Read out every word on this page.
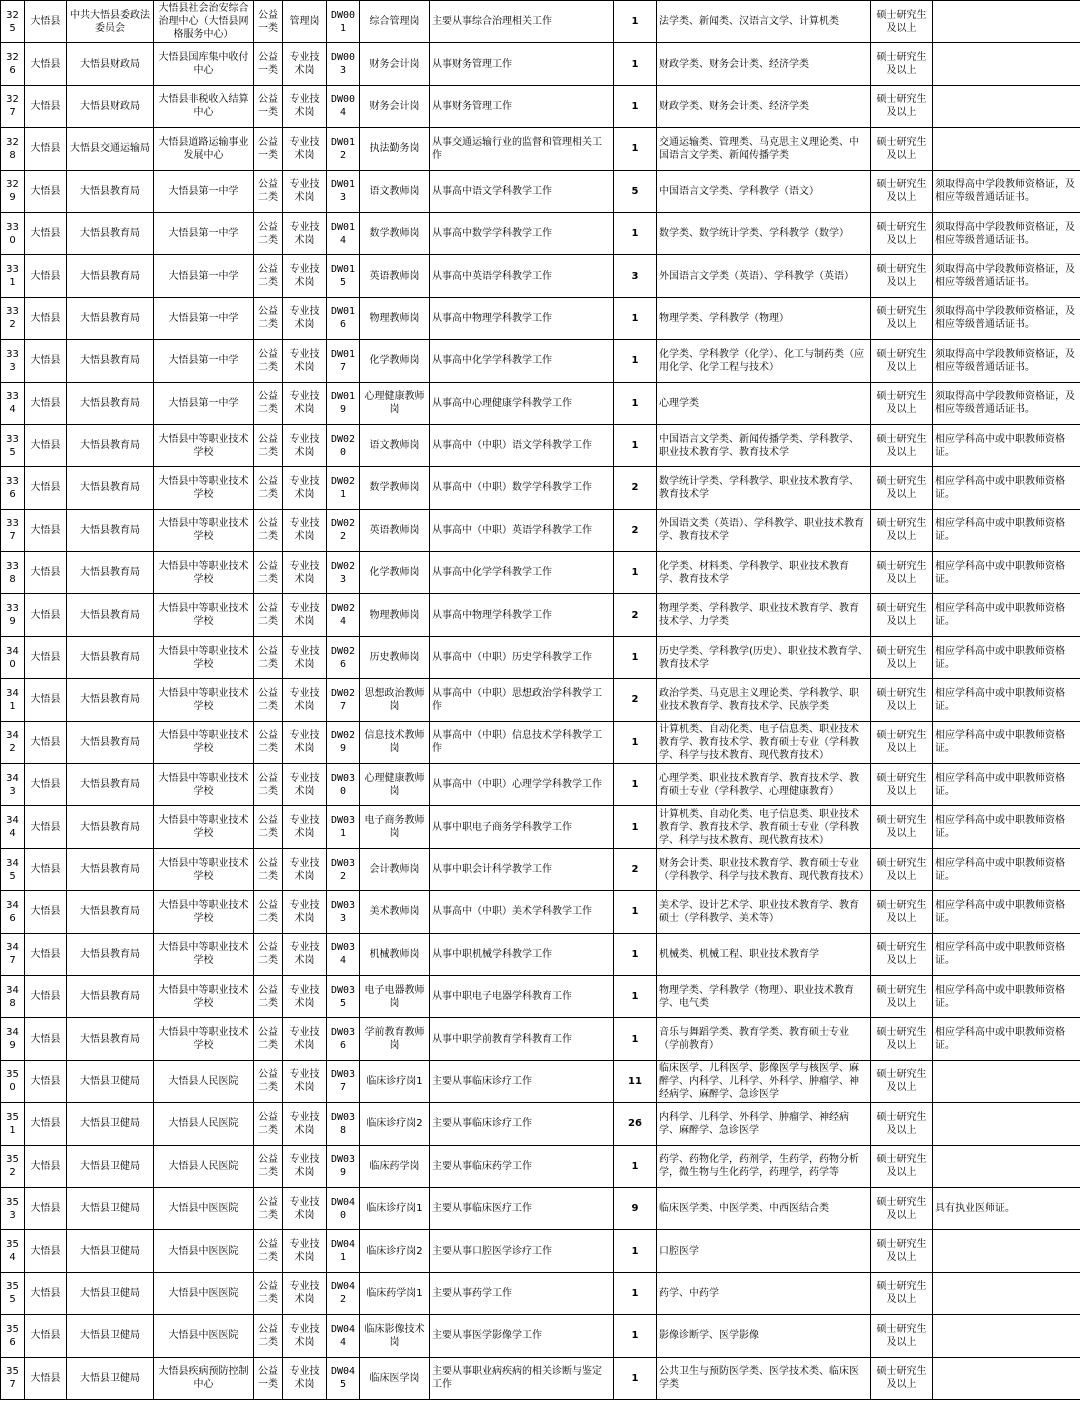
325	大悟县	中共大悟县委政法委员会	大悟县社会治安综合治理中心（大悟县网格服务中心）	公益一类	管理岗	DW001	综合管理岗	主要从事综合治理相关工作	1	法学类、新闻类、汉语言文学、计算机类	硕士研究生及以上	
326	大悟县	大悟县财政局	大悟县国库集中收付中心	公益一类	专业技术岗	DW003	财务会计岗	从事财务管理工作	1	财政学类、财务会计类、经济学类	硕士研究生及以上	
327	大悟县	大悟县财政局	大悟县非税收入结算中心	公益一类	专业技术岗	DW004	财务会计岗	从事财务管理工作	1	财政学类、财务会计类、经济学类	硕士研究生及以上	
328	大悟县	大悟县交通运输局	大悟县道路运输事业发展中心	公益一类	专业技术岗	DW012	执法勤务岗	从事交通运输行业的监督和管理相关工作	1	交通运输类、管理类、马克思主义理论类、中国语言文学类、新闻传播学类	硕士研究生及以上	
329	大悟县	大悟县教育局	大悟县第一中学	公益二类	专业技术岗	DW013	语文教师岗	从事高中语文学科教学工作	5	中国语言文学类、学科教学（语文）	硕士研究生及以上	须取得高中学段教师资格证，及相应等级普通话证书。
330	大悟县	大悟县教育局	大悟县第一中学	公益二类	专业技术岗	DW014	数学教师岗	从事高中数学学科教学工作	1	数学类、数学统计学类、学科教学（数学）	硕士研究生及以上	须取得高中学段教师资格证，及相应等级普通话证书。
331	大悟县	大悟县教育局	大悟县第一中学	公益二类	专业技术岗	DW015	英语教师岗	从事高中英语学科教学工作	3	外国语言文学类（英语）、学科教学（英语）	硕士研究生及以上	须取得高中学段教师资格证，及相应等级普通话证书。
332	大悟县	大悟县教育局	大悟县第一中学	公益二类	专业技术岗	DW016	物理教师岗	从事高中物理学科教学工作	1	物理学类、学科教学（物理）	硕士研究生及以上	须取得高中学段教师资格证，及相应等级普通话证书。
333	大悟县	大悟县教育局	大悟县第一中学	公益二类	专业技术岗	DW017	化学教师岗	从事高中化学学科教学工作	1	化学类、学科教学（化学）、化工与制药类（应用化学、化学工程与技术）	硕士研究生及以上	须取得高中学段教师资格证，及相应等级普通话证书。
334	大悟县	大悟县教育局	大悟县第一中学	公益二类	专业技术岗	DW019	心理健康教师岗	从事高中心理健康学科教学工作	1	心理学类	硕士研究生及以上	须取得高中学段教师资格证，及相应等级普通话证书。
335	大悟县	大悟县教育局	大悟县中等职业技术学校	公益二类	专业技术岗	DW020	语文教师岗	从事高中（中职）语文学科教学工作	1	中国语言文学类、新闻传播学类、学科教学、职业技术教育学、教育技术学	硕士研究生及以上	相应学科高中或中职教师资格证。
336	大悟县	大悟县教育局	大悟县中等职业技术学校	公益二类	专业技术岗	DW021	数学教师岗	从事高中（中职）数学学科教学工作	2	数学统计学类、学科教学、职业技术教育学、教育技术学	硕士研究生及以上	相应学科高中或中职教师资格证。
337	大悟县	大悟县教育局	大悟县中等职业技术学校	公益二类	专业技术岗	DW022	英语教师岗	从事高中（中职）英语学科教学工作	2	外国语文类（英语）、学科教学、职业技术教育学、教育技术学	硕士研究生及以上	相应学科高中或中职教师资格证。
338	大悟县	大悟县教育局	大悟县中等职业技术学校	公益二类	专业技术岗	DW023	化学教师岗	从事高中化学学科教学工作	1	化学类、材料类、学科教学、职业技术教育学、教育技术学	硕士研究生及以上	相应学科高中或中职教师资格证。
339	大悟县	大悟县教育局	大悟县中等职业技术学校	公益二类	专业技术岗	DW024	物理教师岗	从事高中物理学科教学工作	2	物理学类、学科教学、职业技术教育学、教育技术学、力学类	硕士研究生及以上	相应学科高中或中职教师资格证。
340	大悟县	大悟县教育局	大悟县中等职业技术学校	公益二类	专业技术岗	DW026	历史教师岗	从事高中（中职）历史学科教学工作	1	历史学类、学科教学(历史）、职业技术教育学、教育技术学	硕士研究生及以上	相应学科高中或中职教师资格证。
341	大悟县	大悟县教育局	大悟县中等职业技术学校	公益二类	专业技术岗	DW027	思想政治教师岗	从事高中（中职）思想政治学科教学工作	2	政治学类、马克思主义理论类、学科教学、职业技术教育学、教育技术学、民族学类	硕士研究生及以上	相应学科高中或中职教师资格证。
342	大悟县	大悟县教育局	大悟县中等职业技术学校	公益二类	专业技术岗	DW029	信息技术教师岗	从事高中（中职）信息技术学科教学工作	1	计算机类、自动化类、电子信息类、职业技术教育学、教育技术学、教育硕士专业（学科教学、科学与技术教育、现代教育技术）	硕士研究生及以上	相应学科高中或中职教师资格证。
343	大悟县	大悟县教育局	大悟县中等职业技术学校	公益二类	专业技术岗	DW030	心理健康教师岗	从事高中（中职）心理学学科教学工作	1	心理学类、职业技术教育学、教育技术学、教育硕士专业（学科教学、心理健康教育）	硕士研究生及以上	相应学科高中或中职教师资格证。
344	大悟县	大悟县教育局	大悟县中等职业技术学校	公益二类	专业技术岗	DW031	电子商务教师岗	从事中职电子商务学科教学工作	1	计算机类、自动化类、电子信息类、职业技术教育学、教育技术学、教育硕士专业（学科教学、科学与技术教育、现代教育技术）	硕士研究生及以上	相应学科高中或中职教师资格证。
345	大悟县	大悟县教育局	大悟县中等职业技术学校	公益二类	专业技术岗	DW032	会计教师岗	从事中职会计科学教学工作	2	财务会计类、职业技术教育学、教育硕士专业（学科教学、科学与技术教育、现代教育技术）	硕士研究生及以上	相应学科高中或中职教师资格证。
346	大悟县	大悟县教育局	大悟县中等职业技术学校	公益二类	专业技术岗	DW033	美术教师岗	从事高中（中职）美术学科教学工作	1	美术学、设计艺术学、职业技术教育学、教育硕士（学科教学、美术等）	硕士研究生及以上	相应学科高中或中职教师资格证。
347	大悟县	大悟县教育局	大悟县中等职业技术学校	公益二类	专业技术岗	DW034	机械教师岗	从事中职机械学科教学工作	1	机械类、机械工程、职业技术教育学	硕士研究生及以上	相应学科高中或中职教师资格证。
348	大悟县	大悟县教育局	大悟县中等职业技术学校	公益二类	专业技术岗	DW035	电子电器教师岗	从事中职电子电器学科教育工作	1	物理学类、学科教学（物理）、职业技术教育学、电气类	硕士研究生及以上	相应学科高中或中职教师资格证。
349	大悟县	大悟县教育局	大悟县中等职业技术学校	公益二类	专业技术岗	DW036	学前教育教师岗	从事中职学前教育学科教育工作	1	音乐与舞蹈学类、教育学类、教育硕士专业（学前教育）	硕士研究生及以上	相应学科高中或中职教师资格证。
350	大悟县	大悟县卫健局	大悟县人民医院	公益二类	专业技术岗	DW037	临床诊疗岗1	主要从事临床诊疗工作	11	临床医学、儿科医学、影像医学与核医学、麻醉学、内科学、儿科学、外科学、肿瘤学、神经病学、麻醉学、急诊医学	硕士研究生及以上	
351	大悟县	大悟县卫健局	大悟县人民医院	公益二类	专业技术岗	DW038	临床诊疗岗2	主要从事临床诊疗工作	26	内科学、儿科学、外科学、肿瘤学、神经病学、麻醉学、急诊医学	硕士研究生及以上	
352	大悟县	大悟县卫健局	大悟县人民医院	公益二类	专业技术岗	DW039	临床药学岗	主要从事临床药学工作	1	药学、药物化学，药剂学，生药学，药物分析学，微生物与生化药学，药理学，药学等	硕士研究生及以上	
353	大悟县	大悟县卫健局	大悟县中医医院	公益二类	专业技术岗	DW040	临床诊疗岗1	主要从事临床医疗工作	9	临床医学类、中医学类、中西医结合类	硕士研究生及以上	具有执业医师证。
354	大悟县	大悟县卫健局	大悟县中医医院	公益二类	专业技术岗	DW041	临床诊疗岗2	主要从事口腔医学诊疗工作	1	口腔医学	硕士研究生及以上	
355	大悟县	大悟县卫健局	大悟县中医医院	公益二类	专业技术岗	DW042	临床药学岗1	主要从事药学工作	1	药学、中药学	硕士研究生及以上	
356	大悟县	大悟县卫健局	大悟县中医医院	公益二类	专业技术岗	DW044	临床影像技术岗	主要从事医学影像学工作	1	影像诊断学、医学影像	硕士研究生及以上	
357	大悟县	大悟县卫健局	大悟县疾病预防控制中心	公益一类	专业技术岗	DW045	临床医学岗	主要从事职业病疾病的相关诊断与鉴定工作	1	公共卫生与预防医学类、医学技术类、临床医学类	硕士研究生及以上	
